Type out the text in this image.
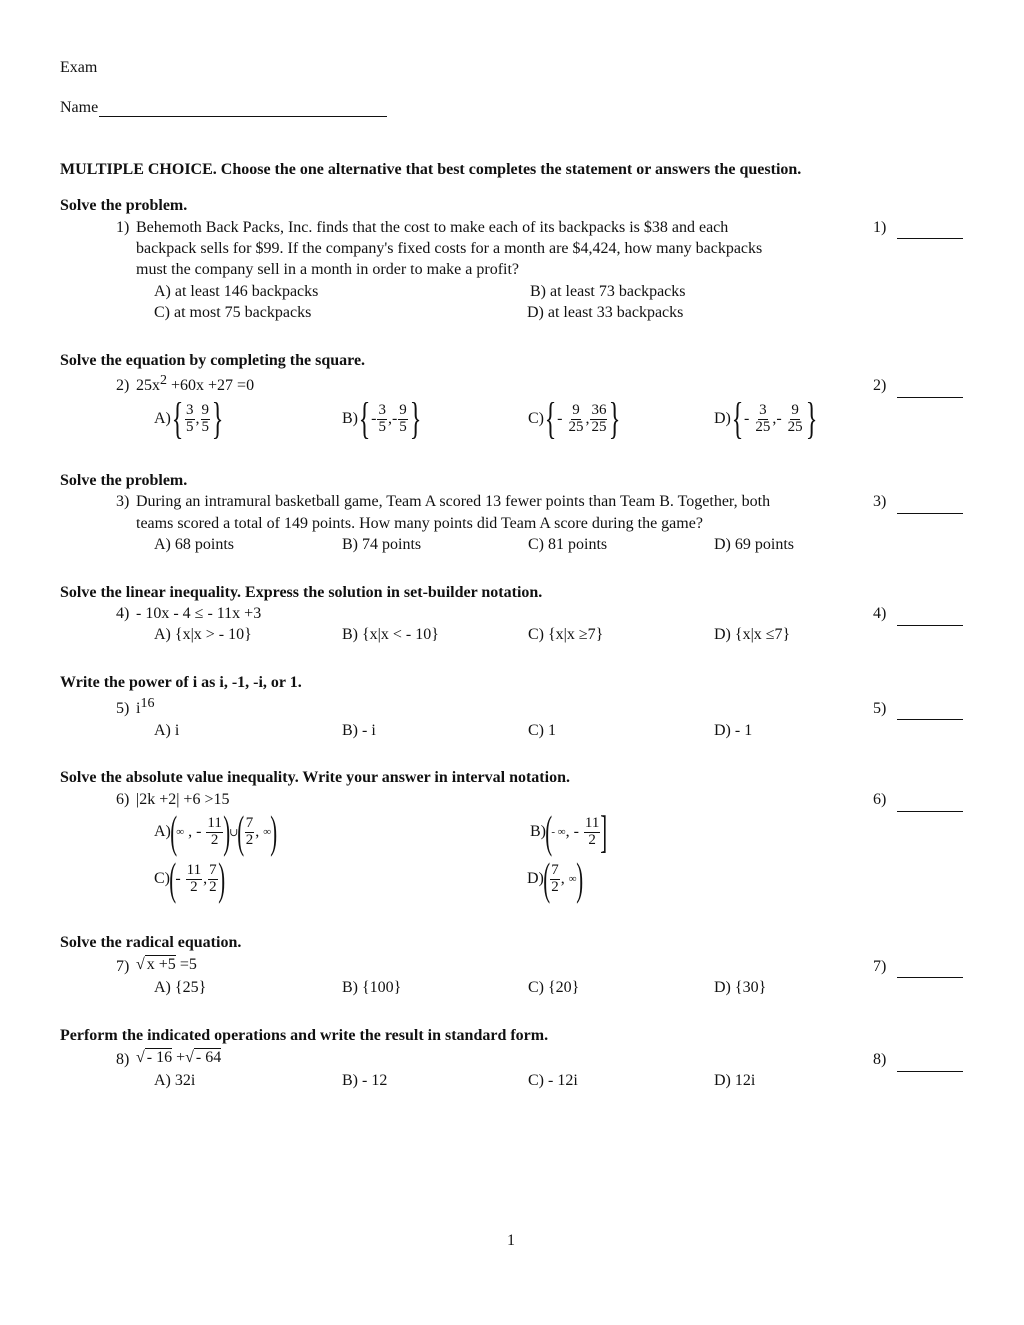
Exam
Name
MULTIPLE CHOICE. Choose the one alternative that best completes the statement or answers the question.
1)
2)
3)
4)
5)
6)
7)
8)
Solve the problem.
1) Behemoth Back Packs, Inc. finds that the cost to make each of its backpacks is $38 and each
backpack sells for $99. If the company's fixed costs for a month are $4,424, how many backpacks
must the company sell in a month in order to make a profit?
A) at least 146 backpacks	B) at least 73 backpacks
C) at most 75 backpacks	D) at least 33 backpacks
Solve the equation by completing the square.
2) 25x2 +60x +27 =0
A) { $\frac{3}{5}$ , $\frac{9}{5}$ }	B) { - $\frac{3}{5}$ , - $\frac{9}{5}$ }	C) { -
$\frac{9}{25}$ , $\frac{36}{25}$ }	D) { -
$\frac{3}{25}$ , -
$\frac{9}{25}$ }
Solve the problem.
3) During an intramural basketball game, Team A scored 13 fewer points than Team B. Together, both
teams scored a total of 149 points. How many points did Team A score during the game?
A) 68 points	B) 74 points	C) 81 points	D) 69 points
Solve the linear inequality. Express the solution in set-builder notation.
4) - 10x - 4 ≤ - 11x +3
A) {x|x > - 10}	B) {x|x < - 10}	C) {x|x ≥7}	D) {x|x ≤7}
Write the power of i as i, -1, -i, or 1.
5) i16
A) i	B) - i	C) 1	D) - 1
Solve the absolute value inequality. Write your answer in interval notation.
6) |2k +2| +6 >15
A) ( ∞
,
-
$\frac{11}{2}$ ) ∪ ( $\frac{7}{2}$ ,
∞ )	B) ( - ∞ ,
-
$\frac{11}{2}$ ]
C) ( -
$\frac{11}{2}$ , $\frac{7}{2}$ )	D) ( $\frac{7}{2}$ ,
∞ )
Solve the radical equation.
7) √ x +5 =5
A) {25}	B) {100}	C) {20}	D) {30}
Perform the indicated operations and write the result in standard form.
8) √ - 16 +√ - 64
A) 32i	B) - 12	C) - 12i	D) 12i
1
